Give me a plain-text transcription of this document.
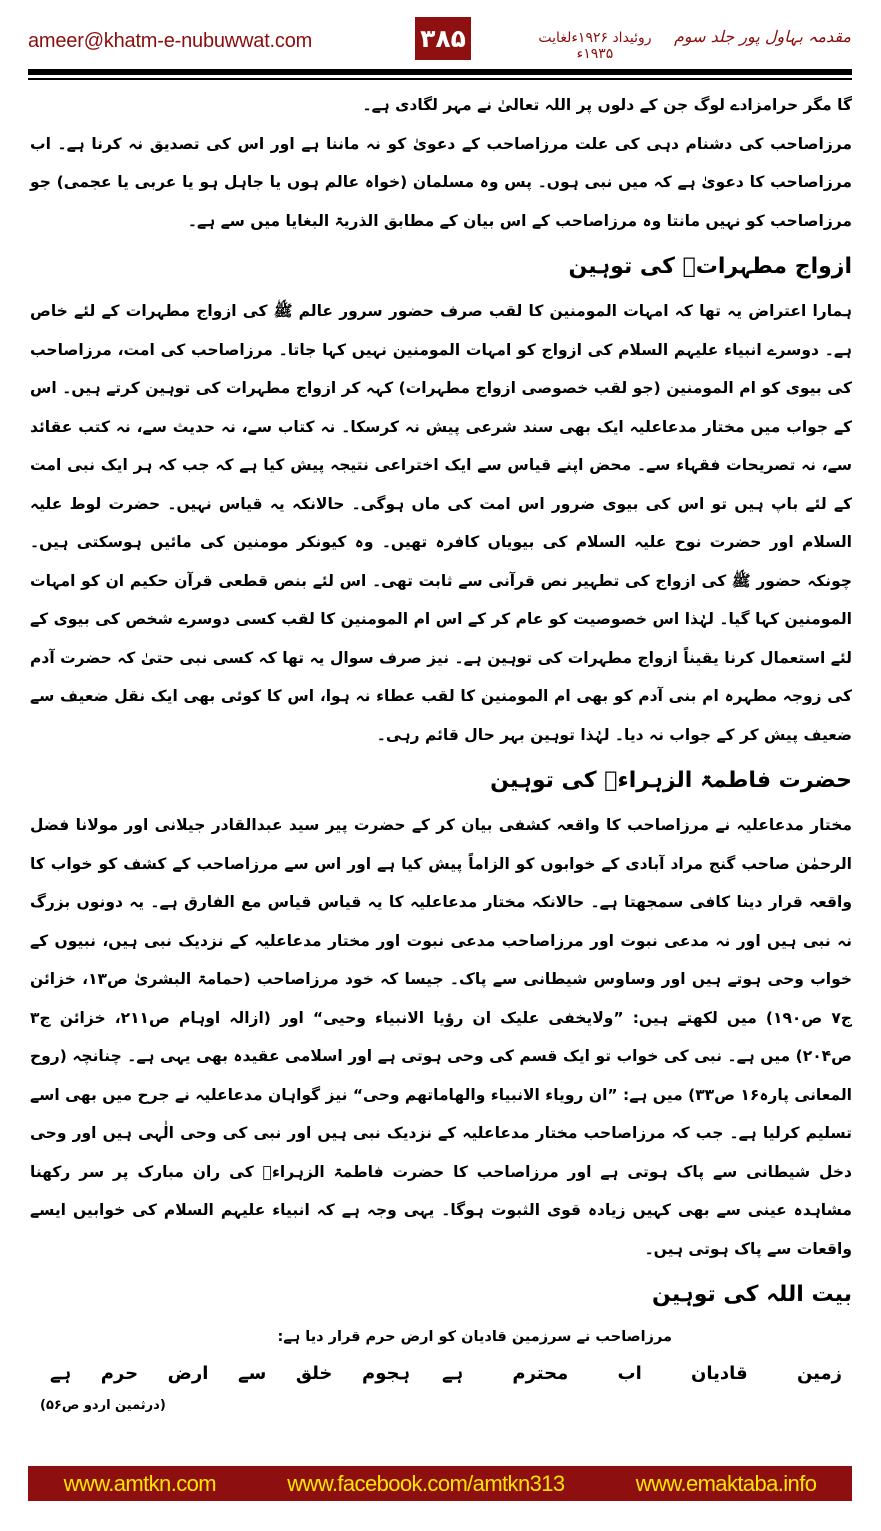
ameer@khatm-e-nubuwwat.com	۳۸۵	روئیداد ۱۹۲۶ءلغایت ۱۹۳۵ء
مقدمہ بہاول پور جلد سوم

گا مگر حرامزادے لوگ جن کے دلوں پر اللہ تعالیٰ نے مہر لگادی ہے۔

مرزاصاحب کی دشنام دہی کی علت مرزاصاحب کے دعویٰ کو نہ ماننا ہے اور اس کی تصدیق نہ کرنا ہے۔ اب مرزاصاحب کا دعویٰ ہے کہ میں نبی ہوں۔ پس وہ مسلمان (خواہ عالم ہوں یا جاہل ہو یا عربی یا عجمی) جو مرزاصاحب کو نہیں مانتا وہ مرزاصاحب کے اس بیان کے مطابق الذریۃ البغایا میں سے ہے۔

ازواج مطہراتؓ کی توہین

ہمارا اعتراض یہ تھا کہ امہات المومنین کا لقب صرف حضور سرور عالم ﷺ کی ازواج مطہرات کے لئے خاص ہے۔ دوسرے انبیاء علیہم السلام کی ازواج کو امہات المومنین نہیں کہا جاتا۔ مرزاصاحب کی امت، مرزاصاحب کی بیوی کو ام المومنین (جو لقب خصوصی ازواج مطہرات) کہہ کر ازواج مطہرات کی توہین کرتے ہیں۔ اس کے جواب میں مختار مدعاعلیہ ایک بھی سند شرعی پیش نہ کرسکا۔ نہ کتاب سے، نہ حدیث سے، نہ کتب عقائد سے، نہ تصریحات فقہاء سے۔ محض اپنے قیاس سے ایک اختراعی نتیجہ پیش کیا ہے کہ جب کہ ہر ایک نبی امت کے لئے باپ ہیں تو اس کی بیوی ضرور اس امت کی ماں ہوگی۔ حالانکہ یہ قیاس نہیں۔ حضرت لوط علیہ السلام اور حضرت نوح علیہ السلام کی بیویاں کافرہ تھیں۔ وہ کیونکر مومنین کی مائیں ہوسکتی ہیں۔ چونکہ حضور ﷺ کی ازواج کی تطہیر نص قرآنی سے ثابت تھی۔ اس لئے بنص قطعی قرآن حکیم ان کو امہات المومنین کہا گیا۔ لہٰذا اس خصوصیت کو عام کر کے اس ام المومنین کا لقب کسی دوسرے شخص کی بیوی کے لئے استعمال کرنا یقیناً ازواج مطہرات کی توہین ہے۔ نیز صرف سوال یہ تھا کہ کسی نبی حتیٰ کہ حضرت آدم کی زوجہ مطہرہ ام بنی آدم کو بھی ام المومنین کا لقب عطاء نہ ہوا، اس کا کوئی بھی ایک نقل ضعیف سے ضعیف پیش کر کے جواب نہ دیا۔ لہٰذا توہین بہر حال قائم رہی۔

حضرت فاطمۃ الزہراءؓ کی توہین

مختار مدعاعلیہ نے مرزاصاحب کا واقعہ کشفی بیان کر کے حضرت پیر سید عبدالقادر جیلانی اور مولانا فضل الرحمٰن صاحب گنج مراد آبادی کے خوابوں کو الزاماً پیش کیا ہے اور اس سے مرزاصاحب کے کشف کو خواب کا واقعہ قرار دینا کافی سمجھتا ہے۔ حالانکہ مختار مدعاعلیہ کا یہ قیاس قیاس مع الفارق ہے۔ یہ دونوں بزرگ نہ نبی ہیں اور نہ مدعی نبوت اور مرزاصاحب مدعی نبوت اور مختار مدعاعلیہ کے نزدیک نبی ہیں، نبیوں کے خواب وحی ہوتے ہیں اور وساوس شیطانی سے پاک۔ جیسا کہ خود مرزاصاحب (حمامۃ البشریٰ ص۱۳، خزائن ج۷ ص۱۹۰) میں لکھتے ہیں: ”ولایخفی علیک ان رؤیا الانبیاء وحیی“ اور (ازالہ اوہام ص۲۱۱، خزائن ج۳ ص۲۰۴) میں ہے۔ نبی کی خواب تو ایک قسم کی وحی ہوتی ہے اور اسلامی عقیدہ بھی یہی ہے۔ چنانچہ (روح المعانی پارہ۱۶ ص۳۳) میں ہے: ”ان رویاء الانبیاء والھاماتھم وحی“ نیز گواہان مدعاعلیہ نے جرح میں بھی اسے تسلیم کرلیا ہے۔ جب کہ مرزاصاحب مختار مدعاعلیہ کے نزدیک نبی ہیں اور نبی کی وحی الٰہی ہیں اور وحی دخل شیطانی سے پاک ہوتی ہے اور مرزاصاحب کا حضرت فاطمۃ الزہراءؓ کی ران مبارک پر سر رکھنا مشاہدہ عینی سے بھی کہیں زیادہ قوی الثبوت ہوگا۔ یہی وجہ ہے کہ انبیاء علیہم السلام کی خوابیں ایسے واقعات سے پاک ہوتی ہیں۔

بیت اللہ کی توہین
مرزاصاحب نے سرزمین قادیان کو ارض حرم قرار دیا ہے:
زمین
قادیان
اب
محترم
ہے
ہجوم
خلق
سے
ارض
حرم
ہے
(درثمین اردو ص۵۶)
www.amtkn.com	www.facebook.com/amtkn313	www.emaktaba.info
